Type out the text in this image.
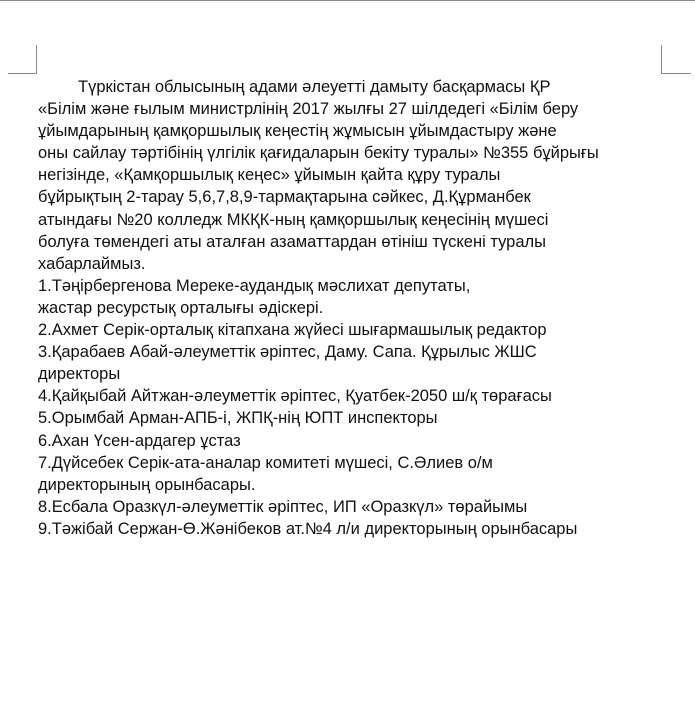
Түркістан облысының адами әлеуетті дамыту басқармасы ҚР
«Білім және ғылым министрлінің 2017 жылғы 27 шілдедегі «Білім беру
ұйымдарының қамқоршылық кеңестің жұмысын ұйымдастыру және
оны сайлау тәртібінің үлгілік қағидаларын бекіту туралы» №355 бұйрығы
негізінде, «Қамқоршылық кеңес» ұйымын қайта құру туралы
бұйрықтың 2-тарау 5,6,7,8,9-тармақтарына сәйкес, Д.Құрманбек
атындағы №20 колледж МКҚК-ның қамқоршылық кеңесінің мүшесі
болуға төмендегі аты аталған азаматтардан өтініш түскені туралы
хабарлаймыз.
1.Тәңірбергенова Мереке-аудандық мәслихат депутаты,
жастар ресурстық орталығы әдіскері.
2.Ахмет Серік-орталық кітапхана жүйесі шығармашылық редактор
3.Қарабаев Абай-әлеуметтік әріптес, Даму. Сапа. Құрылыс ЖШС
директоры
4.Қайқыбай Айтжан-әлеуметтік әріптес, Қуатбек-2050 ш/қ төрағасы
5.Орымбай Арман-АПБ-і, ЖПҚ-нің ЮПТ инспекторы
6.Ахан Үсен-ардагер ұстаз
7.Дүйсебек Серік-ата-аналар комитеті мүшесі, С.Әлиев о/м
директорының орынбасары.
8.Есбала Оразкүл-әлеуметтік әріптес, ИП «Оразкүл» төрайымы
9.Тәжібай Сержан-Ө.Жәнібеков ат.№4 л/и директорының орынбасары
